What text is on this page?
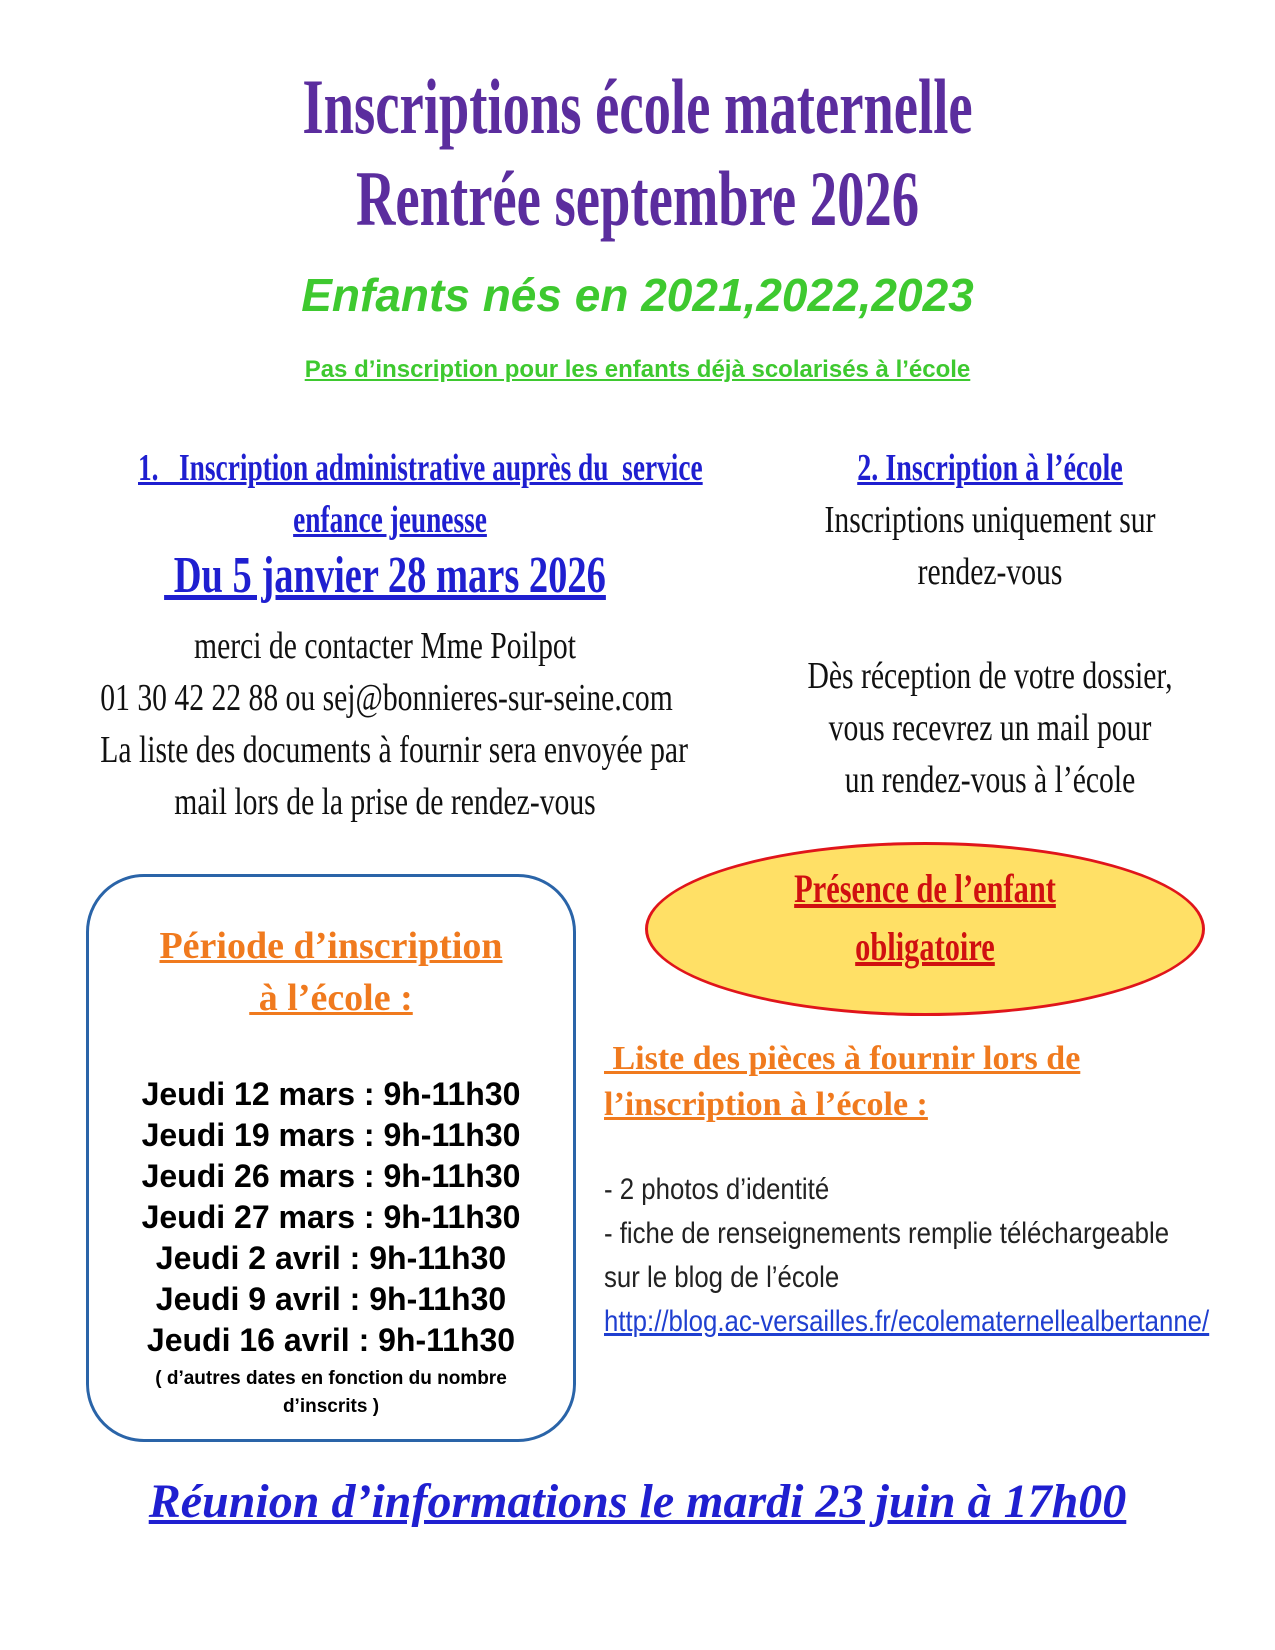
Inscriptions école maternelle
Rentrée septembre 2026
Enfants nés en 2021,2022,2023
Pas d’inscription pour les enfants déjà scolarisés à l’école
1.   Inscription administrative auprès du  service
enfance jeunesse
Du 5 janvier 28 mars 2026
merci de contacter Mme Poilpot
01 30 42 22 88 ou sej@bonnieres-sur-seine.com
La liste des documents à fournir sera envoyée par
mail lors de la prise de rendez-vous
2. Inscription à l’école
Inscriptions uniquement sur
rendez-vous
Dès réception de votre dossier,
vous recevrez un mail pour
un rendez-vous à l’école
Période d’inscription
à l’école :
Jeudi 12 mars : 9h-11h30
Jeudi 19 mars : 9h-11h30
Jeudi 26 mars : 9h-11h30
Jeudi 27 mars : 9h-11h30
Jeudi 2 avril : 9h-11h30
Jeudi 9 avril : 9h-11h30
Jeudi 16 avril : 9h-11h30
( d’autres dates en fonction du nombre
d’inscrits )
Présence de l’enfant
obligatoire
Liste des pièces à fournir lors de
l’inscription à l’école :
- 2 photos d’identité
- fiche de renseignements remplie téléchargeable
sur le blog de l’école
http://blog.ac-versailles.fr/ecolematernellealbertanne/
Réunion d’informations le mardi 23 juin à 17h00
